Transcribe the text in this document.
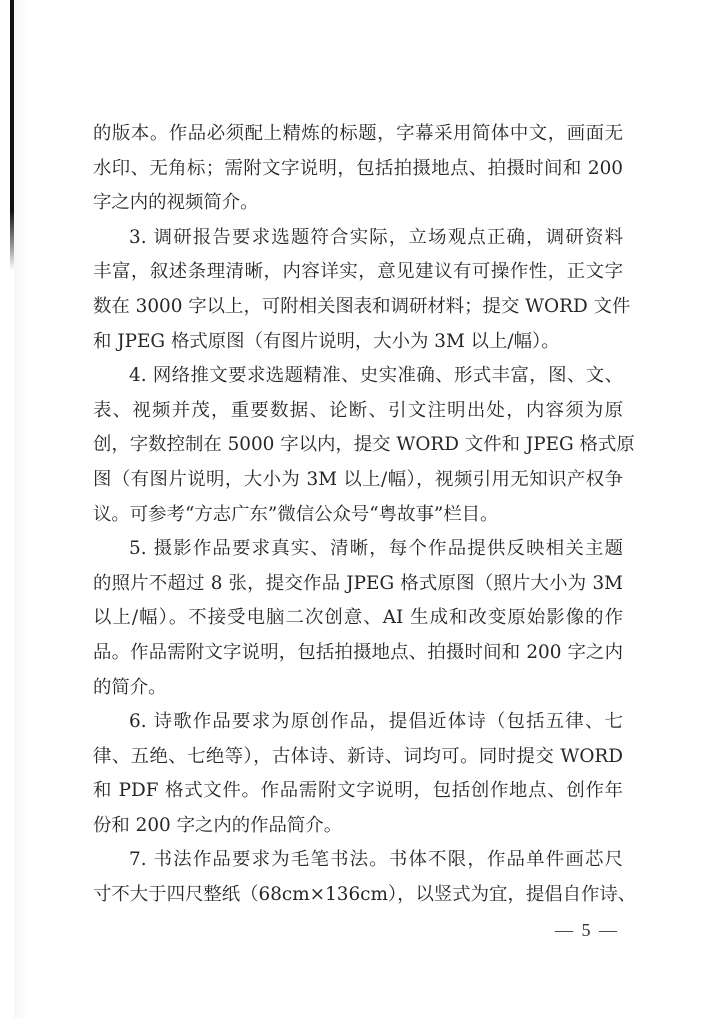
的版本。作品必须配上精炼的标题，字幕采用简体中文，画面无
水印、无角标；需附文字说明，包括拍摄地点、拍摄时间和 200
字之内的视频简介。
3. 调研报告要求选题符合实际，立场观点正确，调研资料
丰富，叙述条理清晰，内容详实，意见建议有可操作性，正文字
数在 3000 字以上，可附相关图表和调研材料；提交 WORD 文件
和 JPEG 格式原图（有图片说明，大小为 3M 以上/幅）。
4. 网络推文要求选题精准、史实准确、形式丰富，图、文、
表、视频并茂，重要数据、论断、引文注明出处，内容须为原
创，字数控制在 5000 字以内，提交 WORD 文件和 JPEG 格式原
图（有图片说明，大小为 3M 以上/幅），视频引用无知识产权争
议。可参考“方志广东”微信公众号“粤故事”栏目。
5. 摄影作品要求真实、清晰，每个作品提供反映相关主题
的照片不超过 8 张，提交作品 JPEG 格式原图（照片大小为 3M
以上/幅）。不接受电脑二次创意、AI 生成和改变原始影像的作
品。作品需附文字说明，包括拍摄地点、拍摄时间和 200 字之内
的简介。
6. 诗歌作品要求为原创作品，提倡近体诗（包括五律、七
律、五绝、七绝等），古体诗、新诗、词均可。同时提交 WORD
和 PDF 格式文件。作品需附文字说明，包括创作地点、创作年
份和 200 字之内的作品简介。
7. 书法作品要求为毛笔书法。书体不限，作品单件画芯尺
寸不大于四尺整纸（68cm×136cm），以竖式为宜，提倡自作诗、
— 5 —
